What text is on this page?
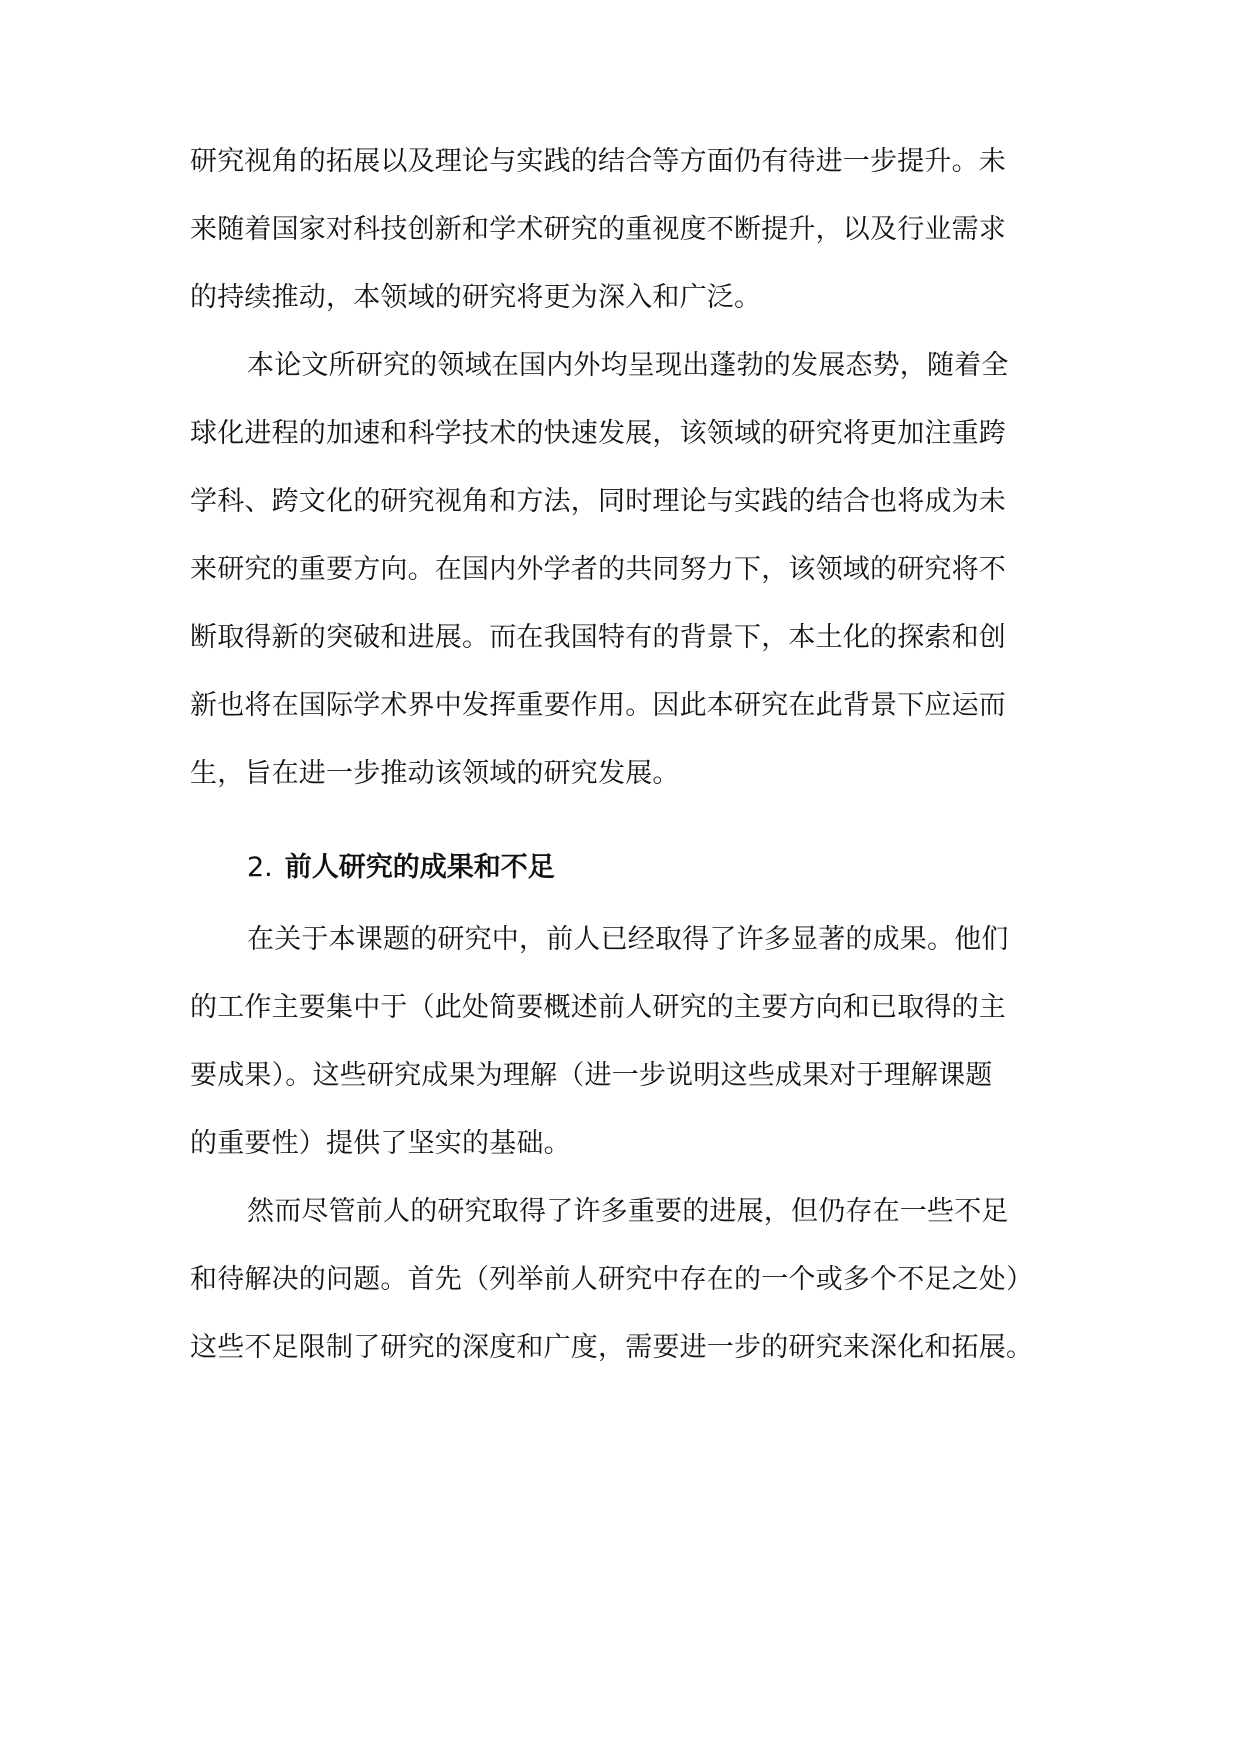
研究视角的拓展以及理论与实践的结合等方面仍有待进一步提升。未
来随着国家对科技创新和学术研究的重视度不断提升，以及行业需求
的持续推动，本领域的研究将更为深入和广泛。
本论文所研究的领域在国内外均呈现出蓬勃的发展态势，随着全
球化进程的加速和科学技术的快速发展，该领域的研究将更加注重跨
学科、跨文化的研究视角和方法，同时理论与实践的结合也将成为未
来研究的重要方向。在国内外学者的共同努力下，该领域的研究将不
断取得新的突破和进展。而在我国特有的背景下，本土化的探索和创
新也将在国际学术界中发挥重要作用。因此本研究在此背景下应运而
生，旨在进一步推动该领域的研究发展。
2. 前人研究的成果和不足
在关于本课题的研究中，前人已经取得了许多显著的成果。他们
的工作主要集中于（此处简要概述前人研究的主要方向和已取得的主
要成果）。这些研究成果为理解（进一步说明这些成果对于理解课题
的重要性）提供了坚实的基础。
然而尽管前人的研究取得了许多重要的进展，但仍存在一些不足
和待解决的问题。首先（列举前人研究中存在的一个或多个不足之处）
这些不足限制了研究的深度和广度，需要进一步的研究来深化和拓展。
